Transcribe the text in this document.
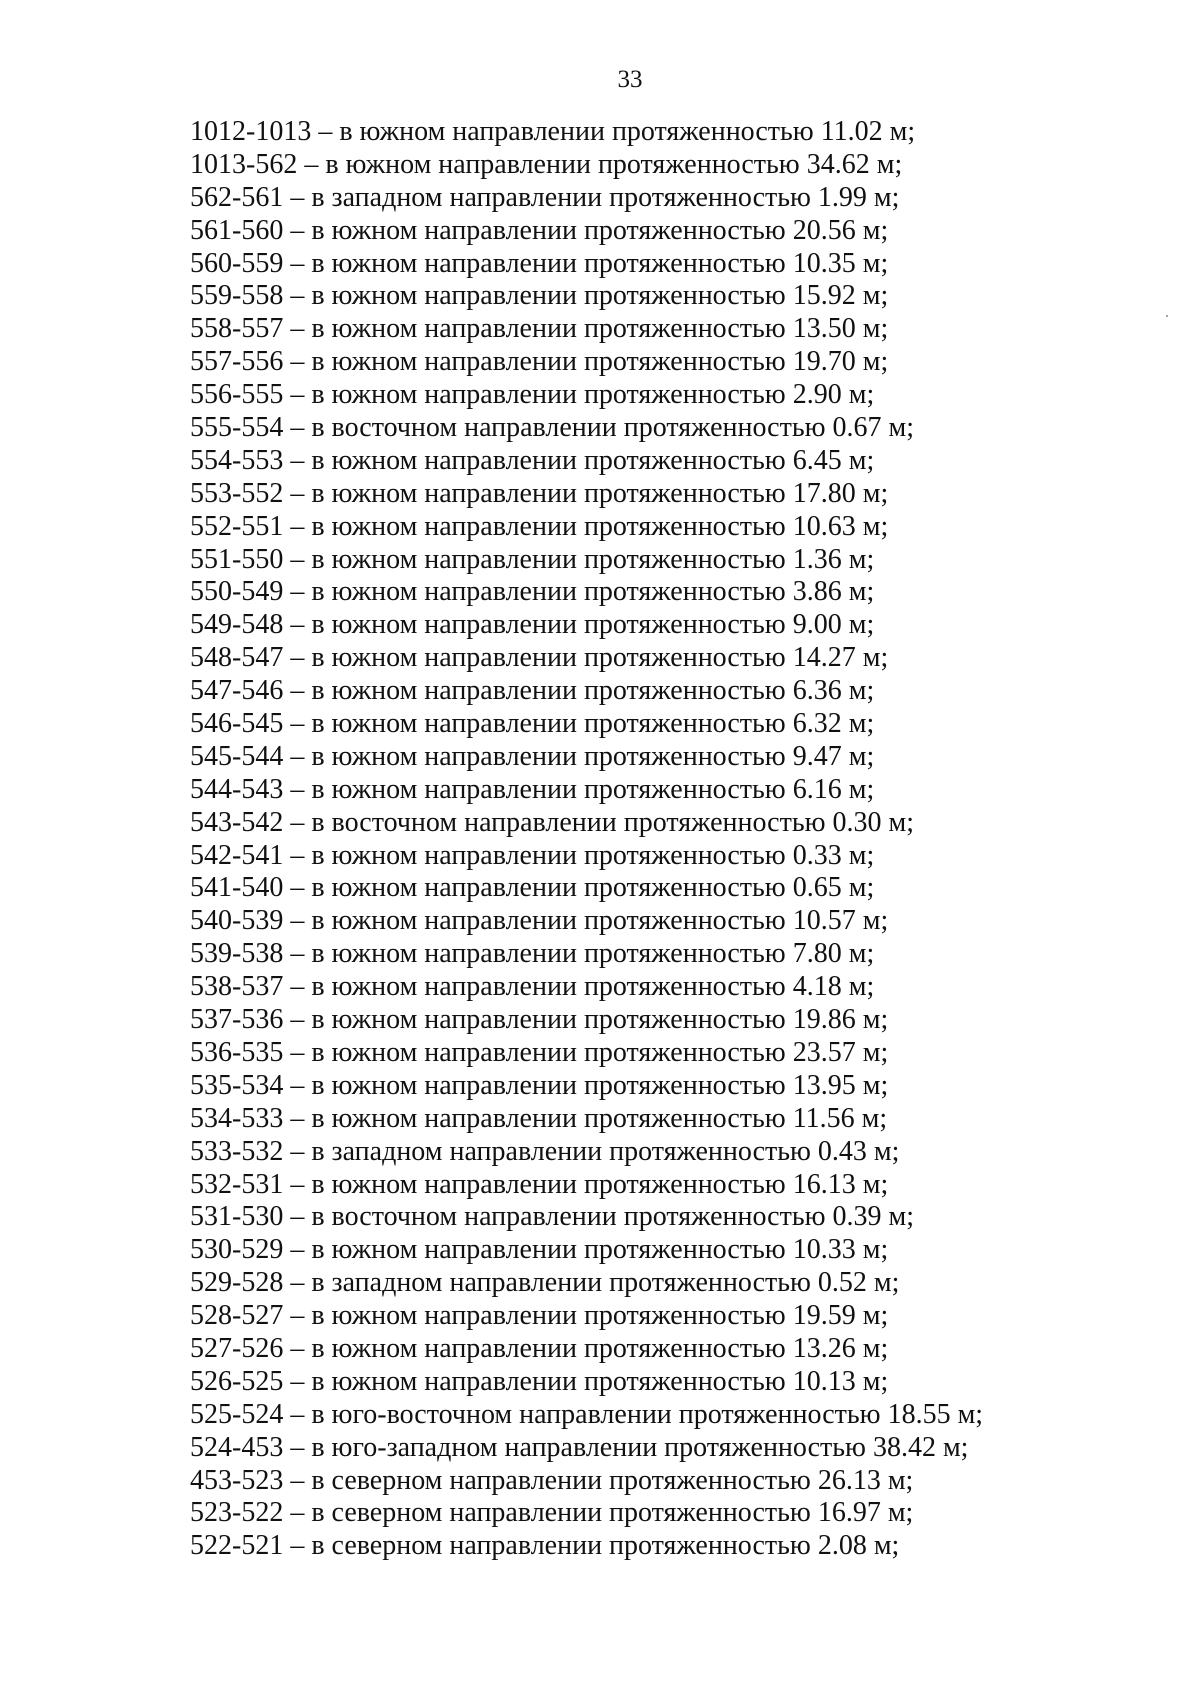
33
1012-1013 – в южном направлении протяженностью 11.02 м;
1013-562 – в южном направлении протяженностью 34.62 м;
562-561 – в западном направлении протяженностью 1.99 м;
561-560 – в южном направлении протяженностью 20.56 м;
560-559 – в южном направлении протяженностью 10.35 м;
559-558 – в южном направлении протяженностью 15.92 м;
558-557 – в южном направлении протяженностью 13.50 м;
557-556 – в южном направлении протяженностью 19.70 м;
556-555 – в южном направлении протяженностью 2.90 м;
555-554 – в восточном направлении протяженностью 0.67 м;
554-553 – в южном направлении протяженностью 6.45 м;
553-552 – в южном направлении протяженностью 17.80 м;
552-551 – в южном направлении протяженностью 10.63 м;
551-550 – в южном направлении протяженностью 1.36 м;
550-549 – в южном направлении протяженностью 3.86 м;
549-548 – в южном направлении протяженностью 9.00 м;
548-547 – в южном направлении протяженностью 14.27 м;
547-546 – в южном направлении протяженностью 6.36 м;
546-545 – в южном направлении протяженностью 6.32 м;
545-544 – в южном направлении протяженностью 9.47 м;
544-543 – в южном направлении протяженностью 6.16 м;
543-542 – в восточном направлении протяженностью 0.30 м;
542-541 – в южном направлении протяженностью 0.33 м;
541-540 – в южном направлении протяженностью 0.65 м;
540-539 – в южном направлении протяженностью 10.57 м;
539-538 – в южном направлении протяженностью 7.80 м;
538-537 – в южном направлении протяженностью 4.18 м;
537-536 – в южном направлении протяженностью 19.86 м;
536-535 – в южном направлении протяженностью 23.57 м;
535-534 – в южном направлении протяженностью 13.95 м;
534-533 – в южном направлении протяженностью 11.56 м;
533-532 – в западном направлении протяженностью 0.43 м;
532-531 – в южном направлении протяженностью 16.13 м;
531-530 – в восточном направлении протяженностью 0.39 м;
530-529 – в южном направлении протяженностью 10.33 м;
529-528 – в западном направлении протяженностью 0.52 м;
528-527 – в южном направлении протяженностью 19.59 м;
527-526 – в южном направлении протяженностью 13.26 м;
526-525 – в южном направлении протяженностью 10.13 м;
525-524 – в юго-восточном направлении протяженностью 18.55 м;
524-453 – в юго-западном направлении протяженностью 38.42 м;
453-523 – в северном направлении протяженностью 26.13 м;
523-522 – в северном направлении протяженностью 16.97 м;
522-521 – в северном направлении протяженностью 2.08 м;
